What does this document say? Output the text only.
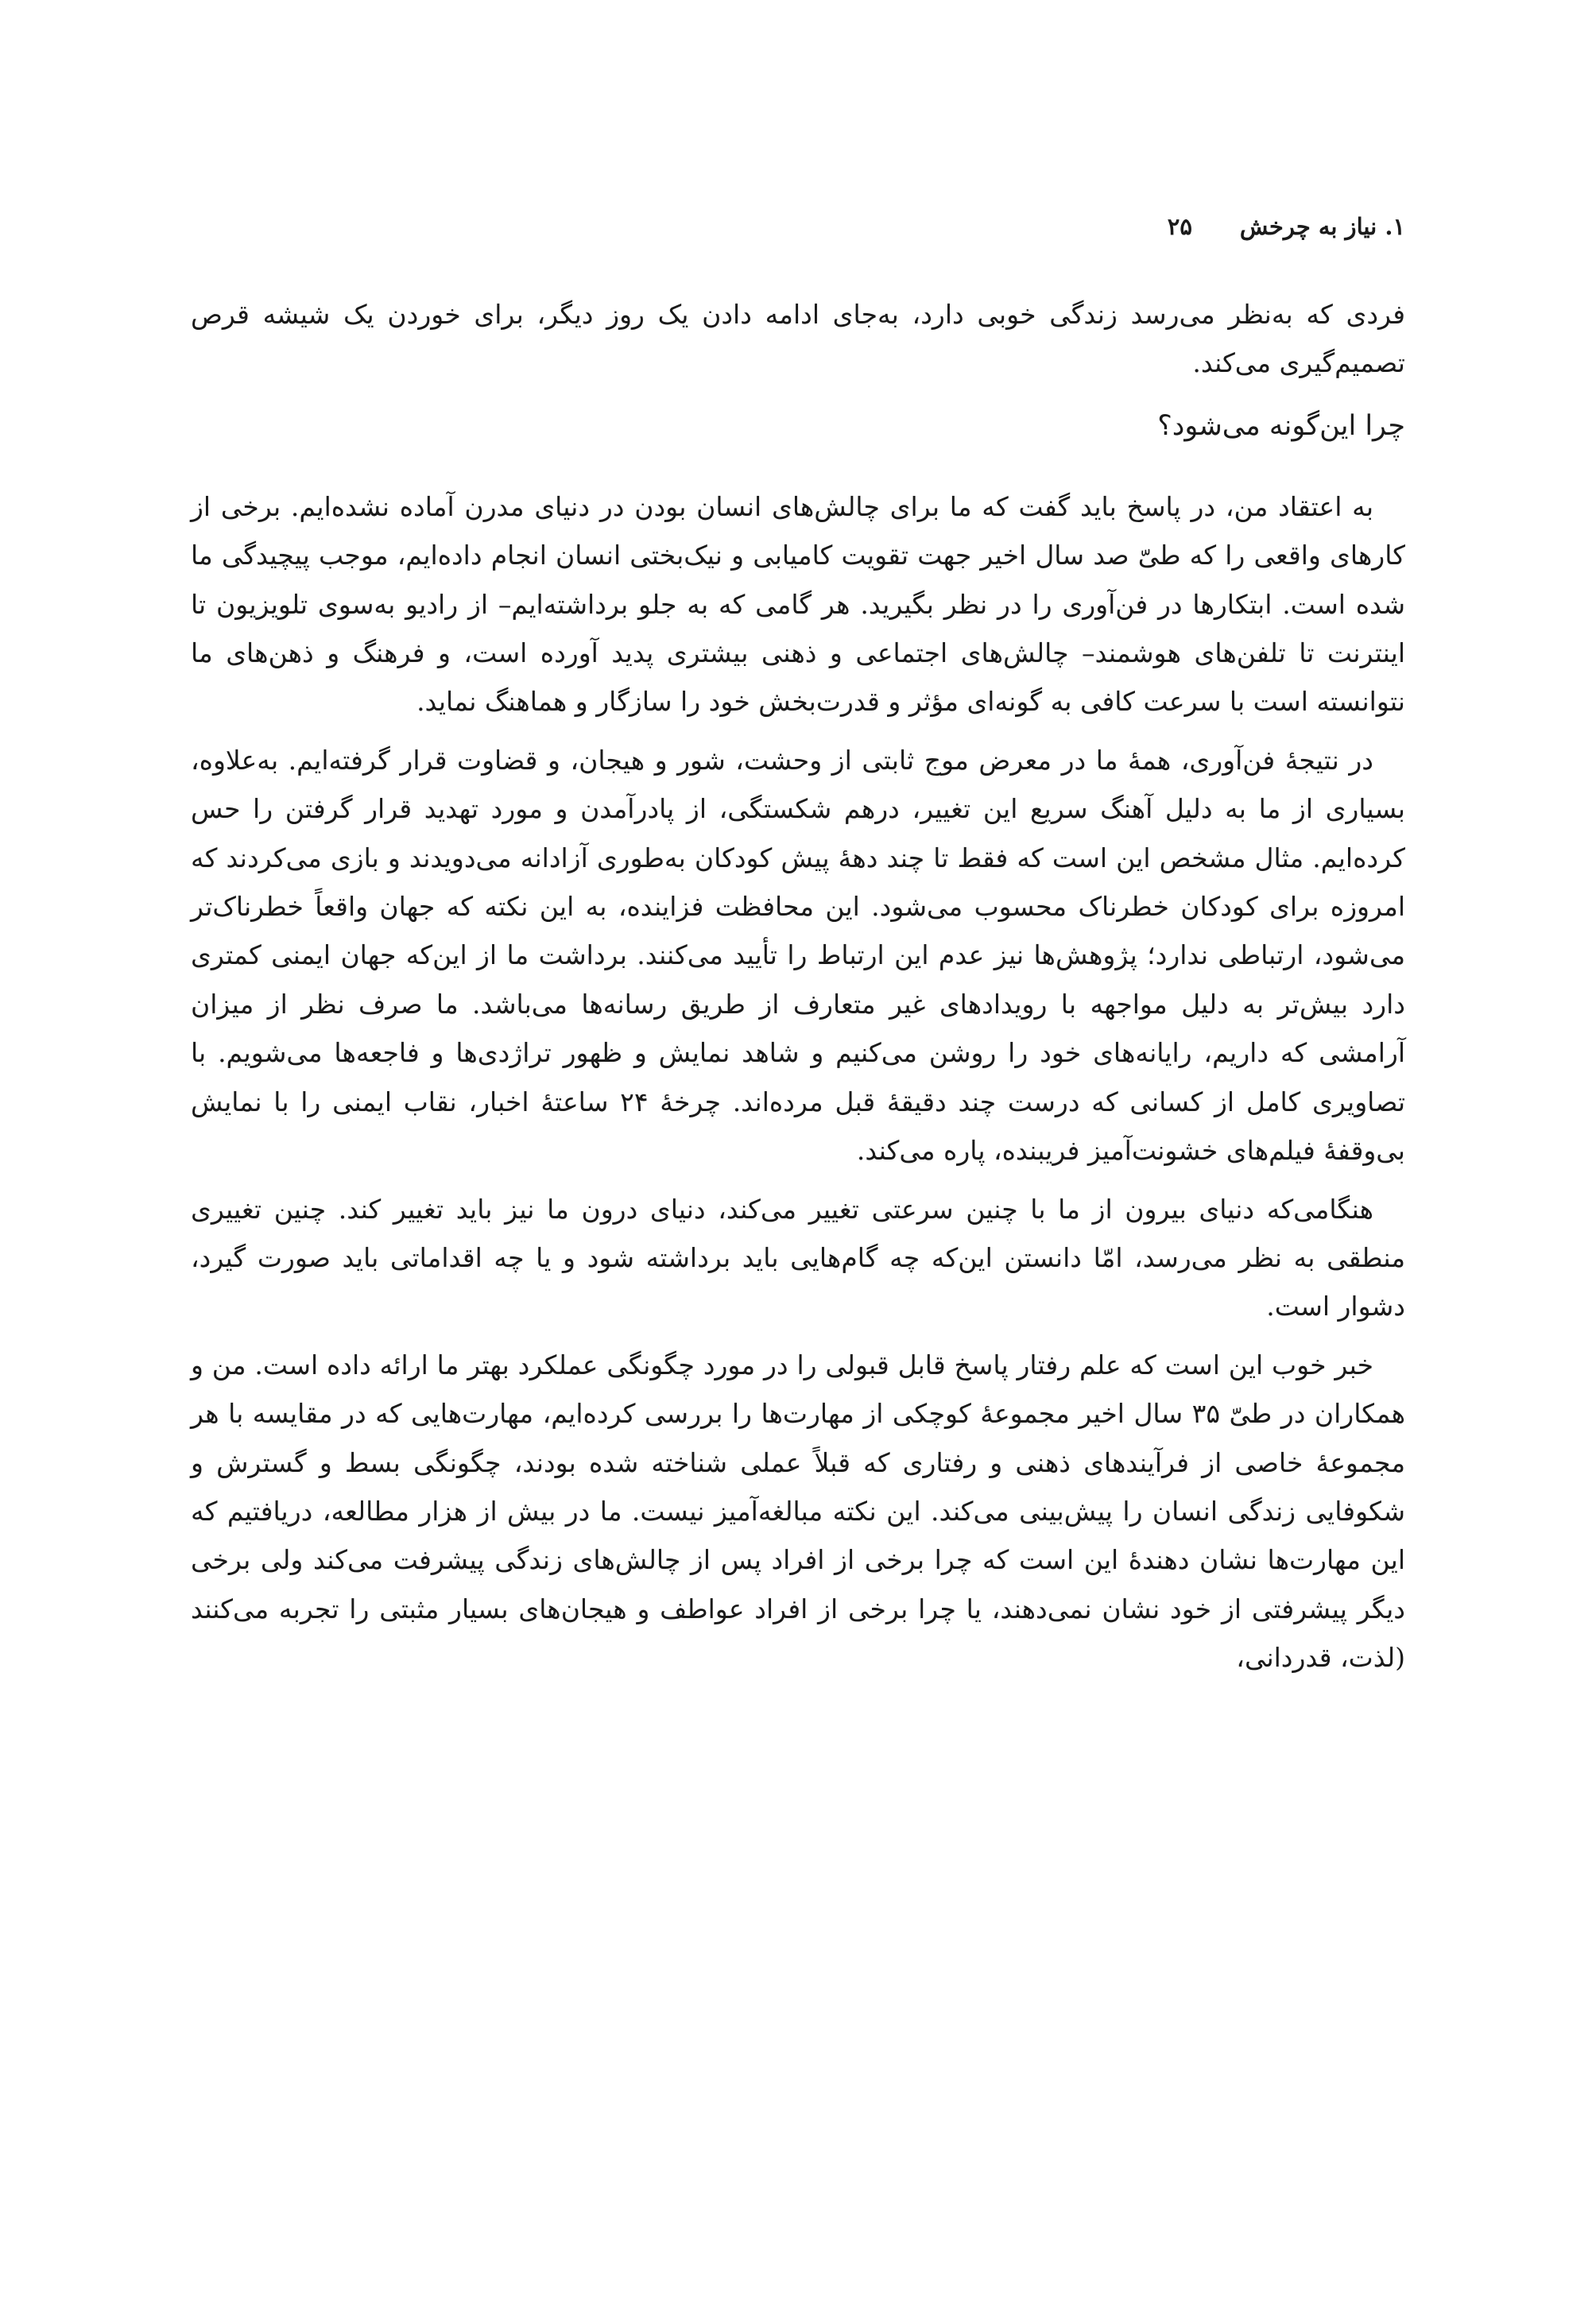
۱. نیاز به چرخش
۲۵

فردی که به‌نظر می‌رسد زندگی خوبی دارد، به‌جای ادامه دادن یک روز دیگر، برای خوردن یک شیشه قرص تصمیم‌گیری می‌کند.

چرا این‌گونه می‌شود؟

به اعتقاد من، در پاسخ باید گفت که ما برای چالش‌های انسان بودن در دنیای مدرن آماده نشده‌ایم. برخی از کارهای واقعی را که طیّ صد سال اخیر جهت تقویت کامیابی و نیک‌بختی انسان انجام داده‌ایم، موجب پیچیدگی ما شده است. ابتکارها در فن‌آوری را در نظر بگیرید. هر گامی که به جلو برداشته‌ایم– از رادیو به‌سوی تلویزیون تا اینترنت تا تلفن‌های هوشمند– چالش‌های اجتماعی و ذهنی بیشتری پدید آورده است، و فرهنگ و ذهن‌های ما نتوانسته است با سرعت کافی به گونه‌ای مؤثر و قدرت‌بخش خود را سازگار و هماهنگ نماید.

در نتیجهٔ فن‌آوری، همهٔ ما در معرض موج ثابتی از وحشت، شور و هیجان، و قضاوت قرار گرفته‌ایم. به‌علاوه، بسیاری از ما به دلیل آهنگ سریع این تغییر، درهم شکستگی، از پادرآمدن و مورد تهدید قرار گرفتن را حس کرده‌ایم. مثال مشخص این است که فقط تا چند دههٔ پیش کودکان به‌طوری آزادانه می‌دویدند و بازی می‌کردند که امروزه برای کودکان خطرناک محسوب می‌شود. این محافظت فزاینده، به این نکته که جهان واقعاً خطرناک‌تر می‌شود، ارتباطی ندارد؛ پژوهش‌ها نیز عدم این ارتباط را تأیید می‌کنند. برداشت ما از این‌که جهان ایمنی کمتری دارد بیش‌تر به دلیل مواجهه با رویدادهای غیر متعارف از طریق رسانه‌ها می‌باشد. ما صرف نظر از میزان آرامشی که داریم، رایانه‌های خود را روشن می‌کنیم و شاهد نمایش و ظهور تراژدی‌ها و فاجعه‌ها می‌شویم. با تصاویری کامل از کسانی که درست چند دقیقهٔ قبل مرده‌اند. چرخهٔ ۲۴ ساعتهٔ اخبار، نقاب ایمنی را با نمایش بی‌وقفهٔ فیلم‌های خشونت‌آمیز فریبنده، پاره می‌کند.

هنگامی‌که دنیای بیرون از ما با چنین سرعتی تغییر می‌کند، دنیای درون ما نیز باید تغییر کند. چنین تغییری منطقی به نظر می‌رسد، امّا دانستن این‌که چه گام‌هایی باید برداشته شود و یا چه اقداماتی باید صورت گیرد، دشوار است.

خبر خوب این است که علم رفتار پاسخ قابل قبولی را در مورد چگونگی عملکرد بهتر ما ارائه داده است. من و همکاران در طیّ ۳۵ سال اخیر مجموعهٔ کوچکی از مهارت‌ها را بررسی کرده‌ایم، مهارت‌هایی که در مقایسه با هر مجموعهٔ خاصی از فرآیندهای ذهنی و رفتاری که قبلاً عملی شناخته شده بودند، چگونگی بسط و گسترش و شکوفایی زندگی انسان را پیش‌بینی می‌کند. این نکته مبالغه‌آمیز نیست. ما در بیش از هزار مطالعه، دریافتیم که این مهارت‌ها نشان دهندهٔ این است که چرا برخی از افراد پس از چالش‌های زندگی پیشرفت می‌کند ولی برخی دیگر پیشرفتی از خود نشان نمی‌دهند، یا چرا برخی از افراد عواطف و هیجان‌های بسیار مثبتی را تجربه می‌کنند (لذت، قدردانی،
